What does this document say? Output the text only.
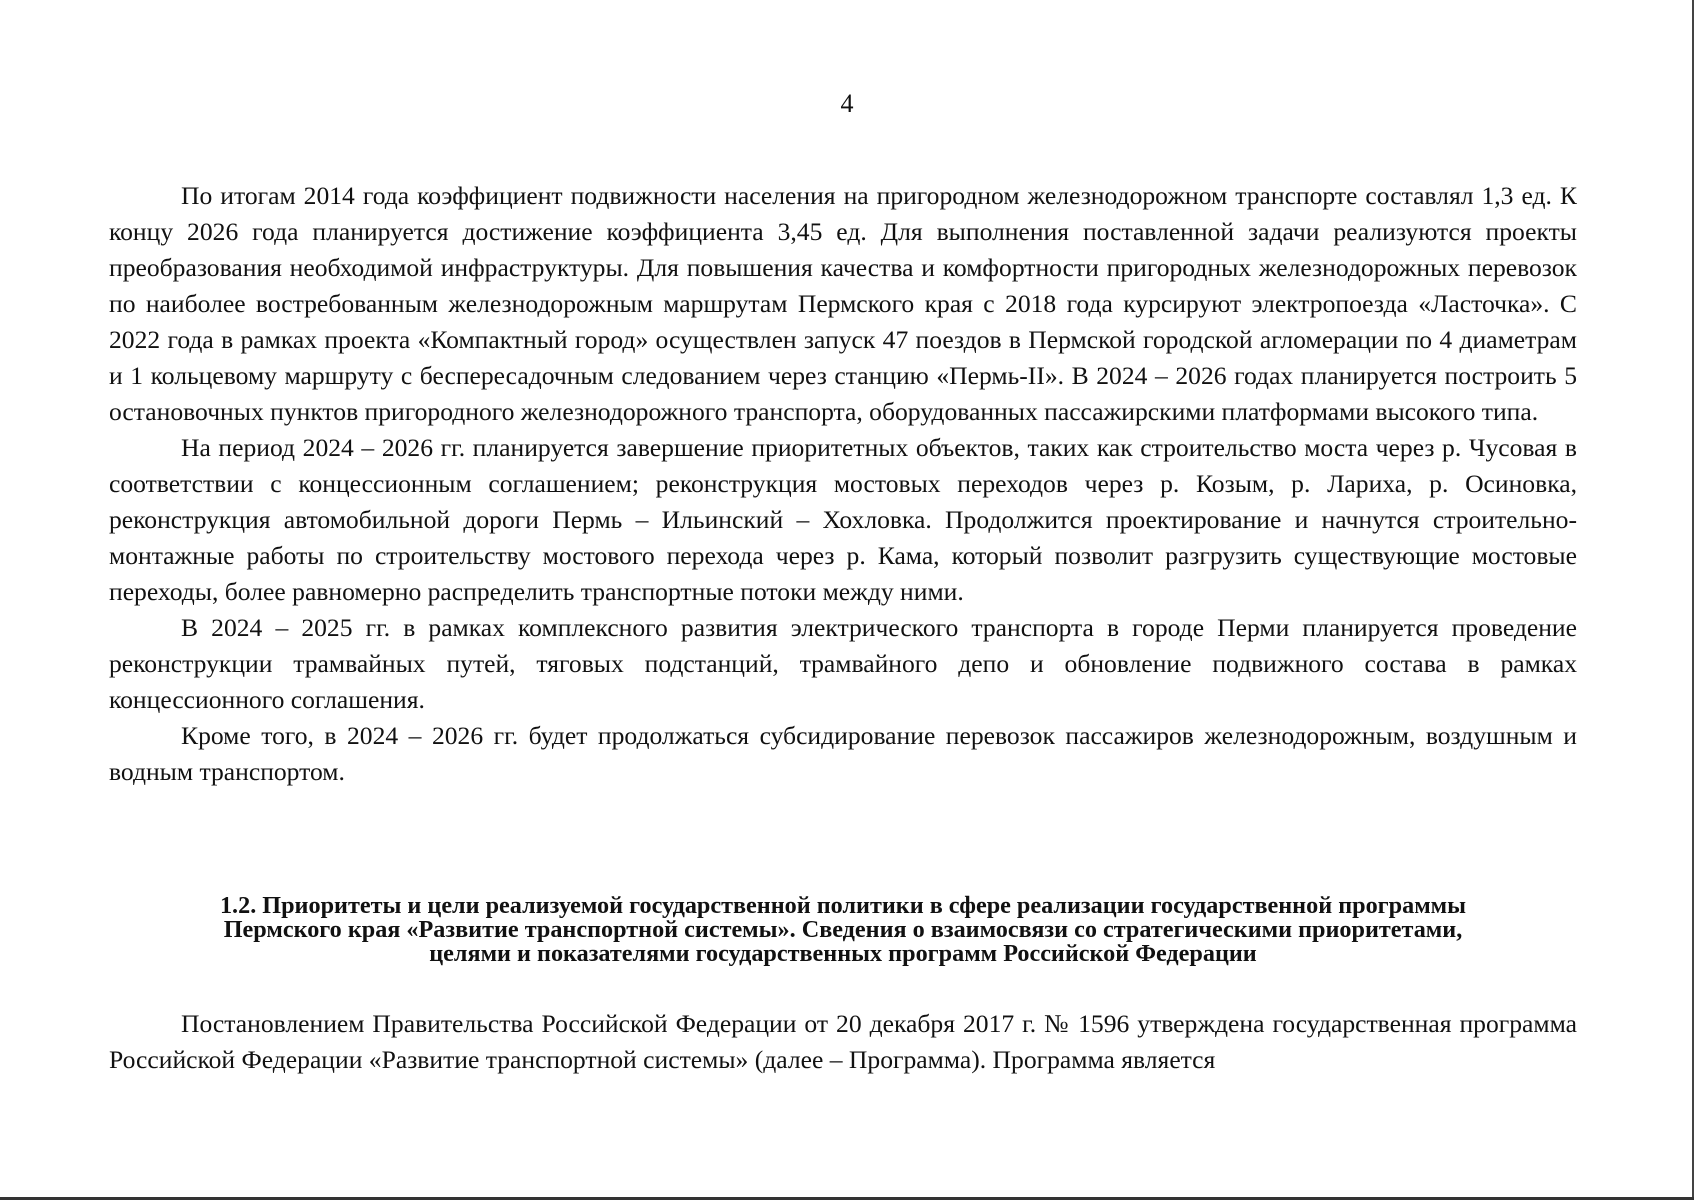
4

По итогам 2014 года коэффициент подвижности населения на пригородном железнодорожном транспорте составлял 1,3 ед. К концу 2026 года планируется достижение коэффициента 3,45 ед. Для выполнения поставленной задачи реализуются проекты преобразования необходимой инфраструктуры. Для повышения качества и комфортности пригородных железнодорожных перевозок по наиболее востребованным железнодорожным маршрутам Пермского края с 2018 года курсируют электропоезда «Ласточка». С 2022 года в рамках проекта «Компактный город» осуществлен запуск 47 поездов в Пермской городской агломерации по 4 диаметрам и 1 кольцевому маршруту с беспересадочным следованием через станцию «Пермь-II». В 2024 – 2026 годах планируется построить 5 остановочных пунктов пригородного железнодорожного транспорта, оборудованных пассажирскими платформами высокого типа.

На период 2024 – 2026 гг. планируется завершение приоритетных объектов, таких как строительство моста через р. Чусовая в соответствии с концессионным соглашением; реконструкция мостовых переходов через р. Козым, р. Лариха, р. Осиновка, реконструкция автомобильной дороги Пермь – Ильинский – Хохловка. Продолжится проектирование и начнутся строительно-монтажные работы по строительству мостового перехода через р. Кама, который позволит разгрузить существующие мостовые переходы, более равномерно распределить транспортные потоки между ними.

В 2024 – 2025 гг. в рамках комплексного развития электрического транспорта в городе Перми планируется проведение реконструкции трамвайных путей, тяговых подстанций, трамвайного депо и обновление подвижного состава в рамках концессионного соглашения.

Кроме того, в 2024 – 2026 гг. будет продолжаться субсидирование перевозок пассажиров железнодорожным, воздушным и водным транспортом.

1.2. Приоритеты и цели реализуемой государственной политики в сфере реализации государственной программы
Пермского края «Развитие транспортной системы». Сведения о взаимосвязи со стратегическими приоритетами,
целями и показателями государственных программ Российской Федерации

Постановлением Правительства Российской Федерации от 20 декабря 2017 г. № 1596 утверждена государственная программа Российской Федерации «Развитие транспортной системы» (далее – Программа). Программа является
